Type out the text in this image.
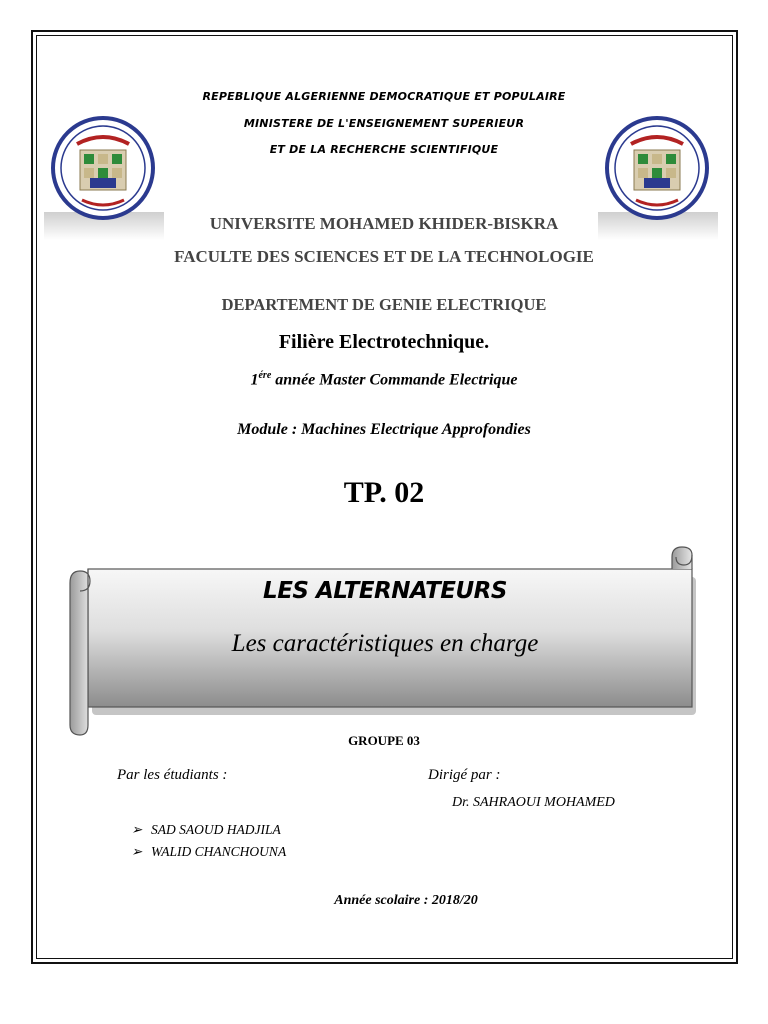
REPEBLIQUE ALGERIENNE DEMOCRATIQUE ET POPULAIRE
MINISTERE DE L'ENSEIGNEMENT SUPERIEUR
ET DE LA RECHERCHE SCIENTIFIQUE
UNIVERSITE MOHAMED KHIDER-BISKRA
FACULTE DES SCIENCES ET DE LA TECHNOLOGIE
DEPARTEMENT DE GENIE ELECTRIQUE
Filière Electrotechnique.
$1^{ére}$ année Master Commande Electrique
Module : Machines Electrique Approfondies
TP. 02
LES ALTERNATEURS
Les caractéristiques en charge
GROUPE 03
Par les étudiants :	Dirigé par :
Dr. SAHRAOUI MOHAMED
➢ SAD SAOUD HADJILA
➢ WALID CHANCHOUNA
Année scolaire : 2018/20
